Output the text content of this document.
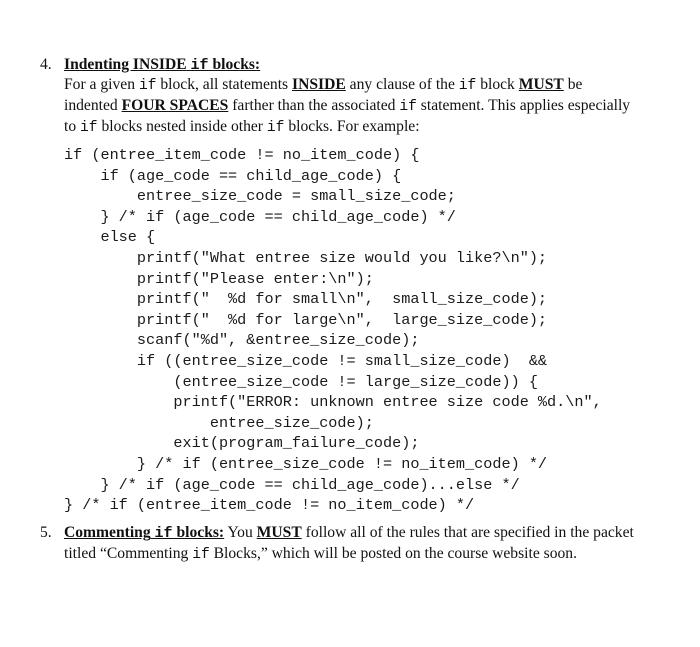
4. Indenting INSIDE if blocks:
For a given if block, all statements INSIDE any clause of the if block MUST be
indented FOUR SPACES farther than the associated if statement. This applies especially
to if blocks nested inside other if blocks. For example:
if (entree_item_code != no_item_code) {
if (age_code == child_age_code) {
entree_size_code = small_size_code;
} /* if (age_code == child_age_code) */
else {
printf("What entree size would you like?\n");
printf("Please enter:\n");
printf("  %d for small\n",  small_size_code);
printf("  %d for large\n",  large_size_code);
scanf("%d", &entree_size_code);
if ((entree_size_code != small_size_code)  &&
(entree_size_code != large_size_code)) {
printf("ERROR: unknown entree size code %d.\n",
entree_size_code);
exit(program_failure_code);
} /* if (entree_size_code != no_item_code) */
} /* if (age_code == child_age_code)...else */
} /* if (entree_item_code != no_item_code) */
5. Commenting if blocks: You MUST follow all of the rules that are specified in the packet
titled “Commenting if Blocks,” which will be posted on the course website soon.
